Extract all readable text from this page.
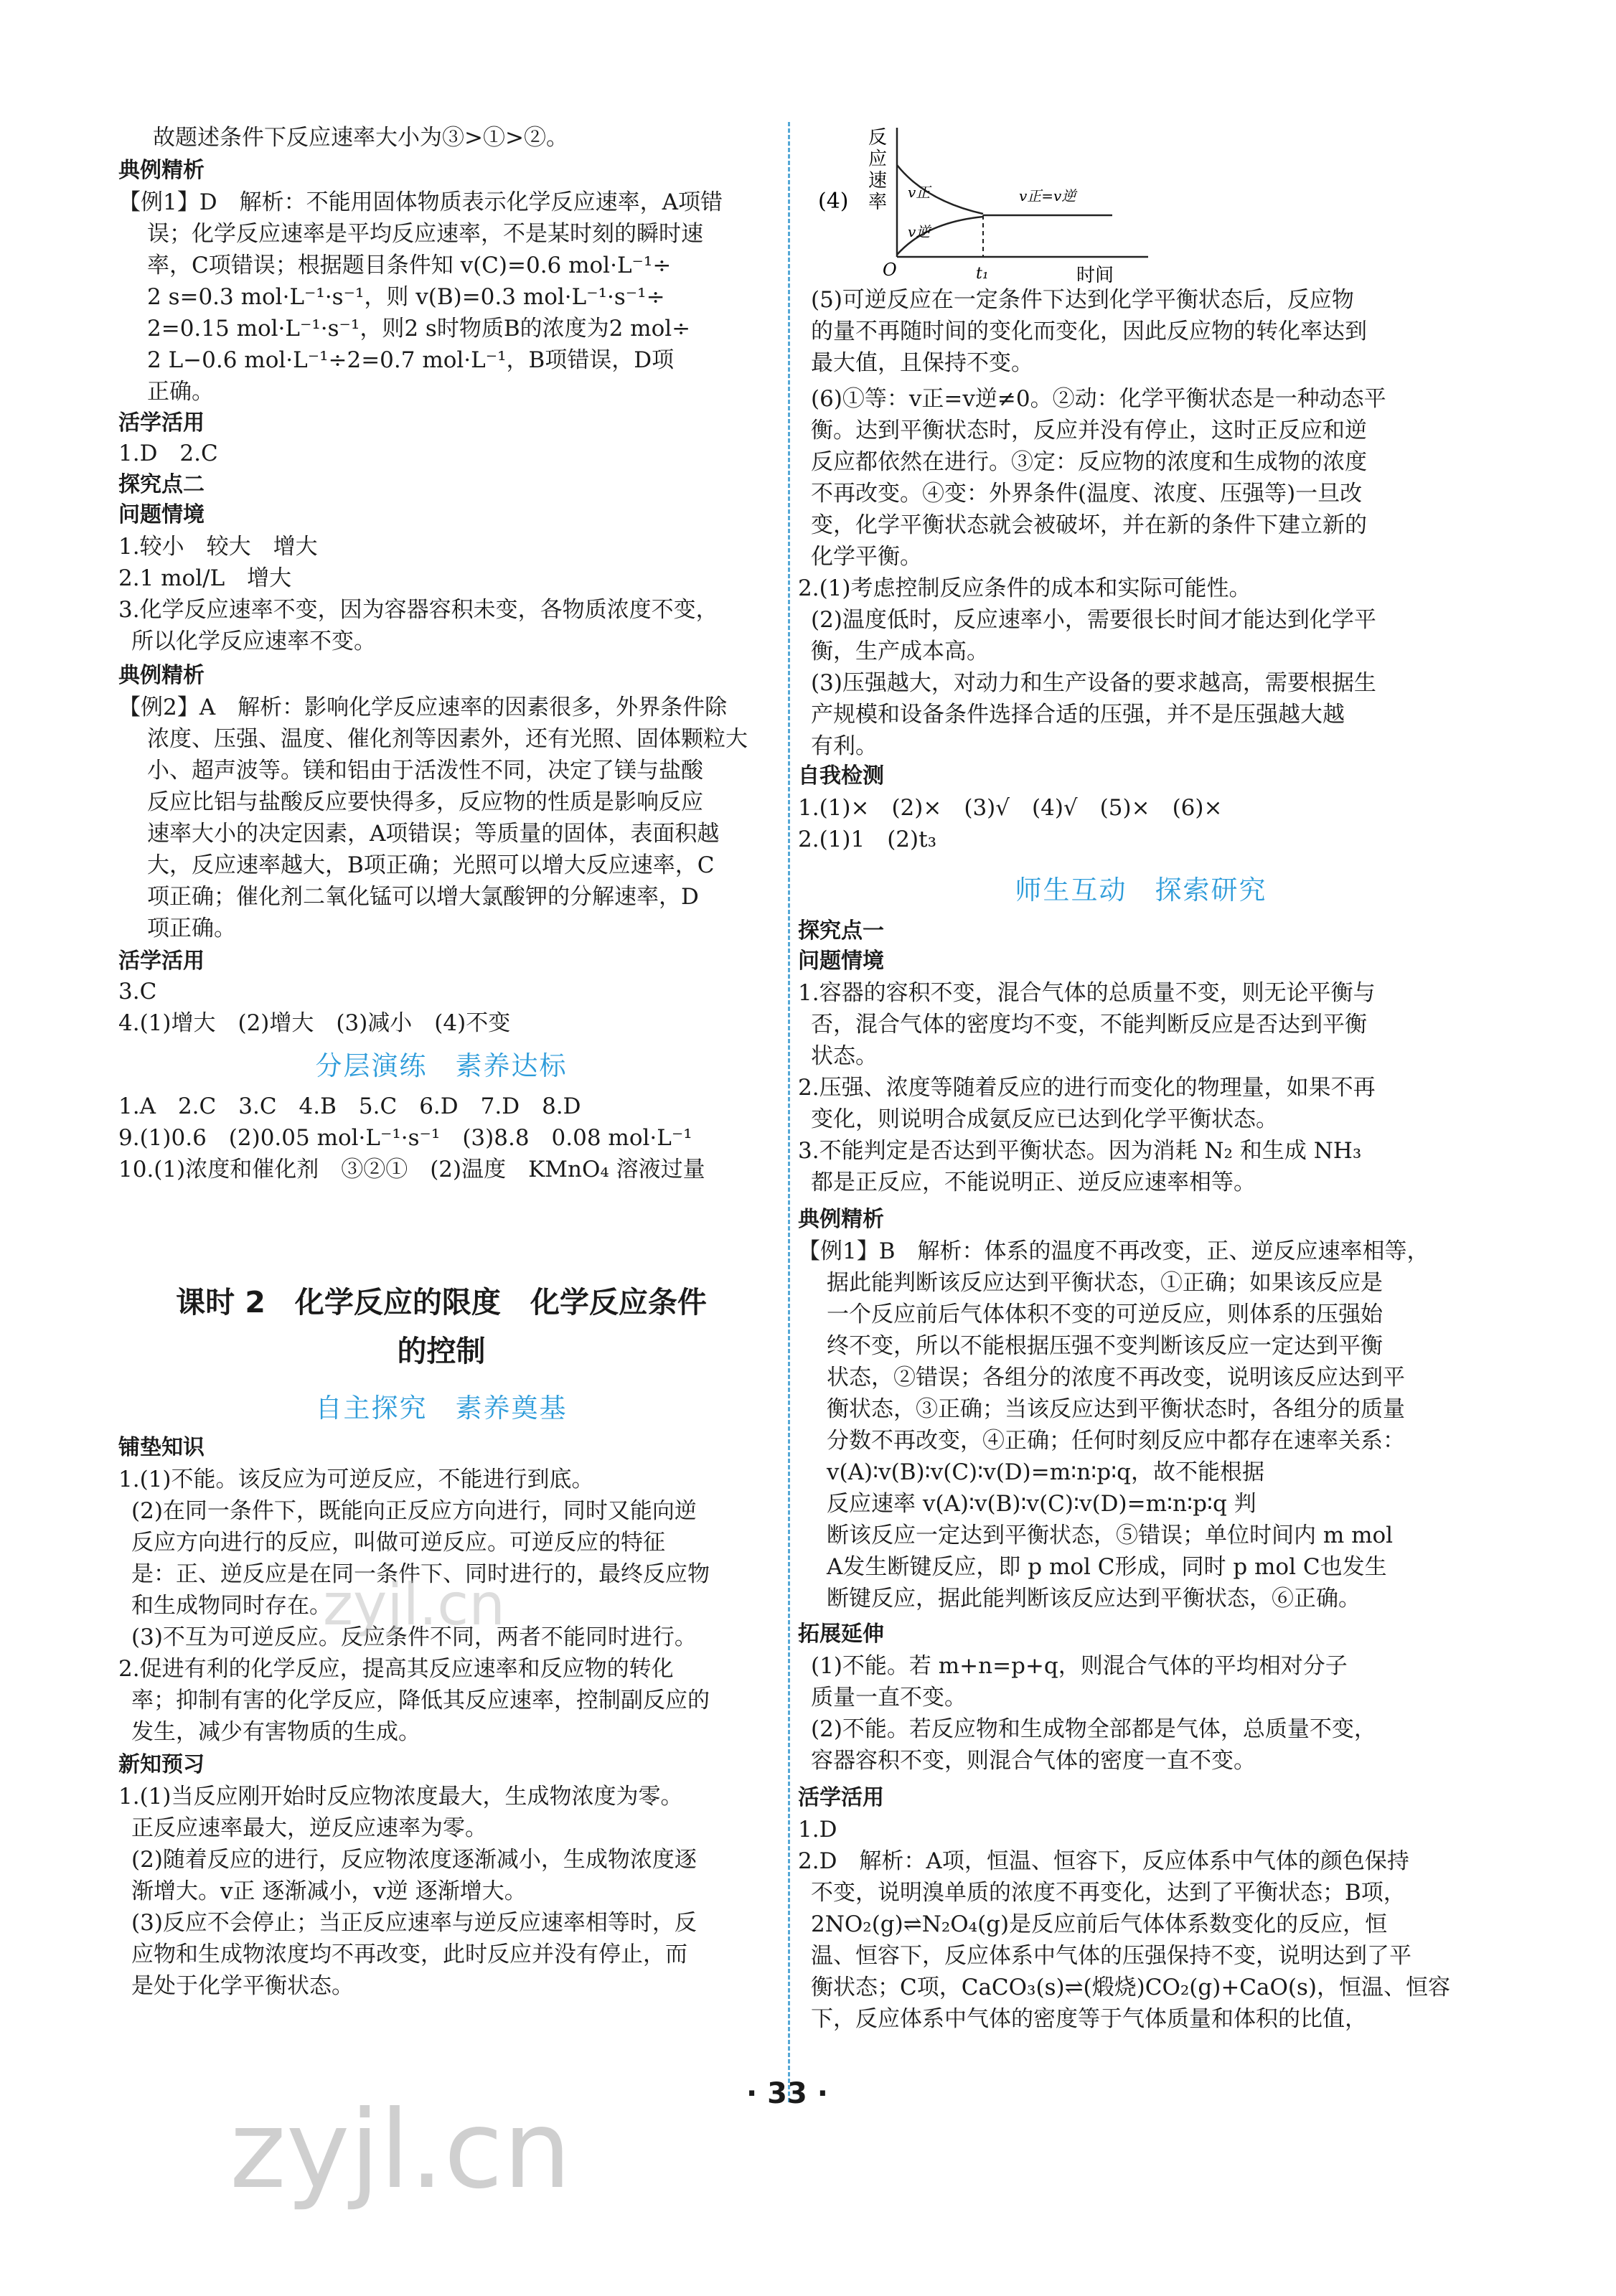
故题述条件下反应速率大小为③>①>②。
典例精析
【例1】D　解析：不能用固体物质表示化学反应速率，A项错
误；化学反应速率是平均反应速率，不是某时刻的瞬时速
率，C项错误；根据题目条件知 v(C)=0.6 mol·L⁻¹÷
2 s=0.3 mol·L⁻¹·s⁻¹，则 v(B)=0.3 mol·L⁻¹·s⁻¹÷
2=0.15 mol·L⁻¹·s⁻¹，则2 s时物质B的浓度为2 mol÷
2 L−0.6 mol·L⁻¹÷2=0.7 mol·L⁻¹，B项错误，D项
正确。
活学活用
1.D　2.C
探究点二
问题情境
1.较小　较大　增大
2.1 mol/L　增大
3.化学反应速率不变，因为容器容积未变，各物质浓度不变，
所以化学反应速率不变。
典例精析
【例2】A　解析：影响化学反应速率的因素很多，外界条件除
浓度、压强、温度、催化剂等因素外，还有光照、固体颗粒大
小、超声波等。镁和铝由于活泼性不同，决定了镁与盐酸
反应比铝与盐酸反应要快得多，反应物的性质是影响反应
速率大小的决定因素，A项错误；等质量的固体，表面积越
大，反应速率越大，B项正确；光照可以增大反应速率，C
项正确；催化剂二氧化锰可以增大氯酸钾的分解速率，D
项正确。
活学活用
3.C
4.(1)增大　(2)增大　(3)减小　(4)不变
分层演练　素养达标
1.A　2.C　3.C　4.B　5.C　6.D　7.D　8.D
9.(1)0.6　(2)0.05 mol·L⁻¹·s⁻¹　(3)8.8　0.08 mol·L⁻¹
10.(1)浓度和催化剂　③②①　(2)温度　KMnO₄ 溶液过量
课时 2　化学反应的限度　化学反应条件
的控制
自主探究　素养奠基
铺垫知识
1.(1)不能。该反应为可逆反应，不能进行到底。
(2)在同一条件下，既能向正反应方向进行，同时又能向逆
反应方向进行的反应，叫做可逆反应。可逆反应的特征
是：正、逆反应是在同一条件下、同时进行的，最终反应物
和生成物同时存在。
(3)不互为可逆反应。反应条件不同，两者不能同时进行。
2.促进有利的化学反应，提高其反应速率和反应物的转化
率；抑制有害的化学反应，降低其反应速率，控制副反应的
发生，减少有害物质的生成。
新知预习
1.(1)当反应刚开始时反应物浓度最大，生成物浓度为零。
正反应速率最大，逆反应速率为零。
(2)随着反应的进行，反应物浓度逐渐减小，生成物浓度逐
渐增大。v正 逐渐减小，v逆 逐渐增大。
(3)反应不会停止；当正反应速率与逆反应速率相等时，反
应物和生成物浓度均不再改变，此时反应并没有停止，而
是处于化学平衡状态。
(4)
反
应
速
率 v正
v逆
v正=v逆
O	t₁	时间
(5)可逆反应在一定条件下达到化学平衡状态后，反应物
的量不再随时间的变化而变化，因此反应物的转化率达到
最大值，且保持不变。
(6)①等：v正=v逆≠0。②动：化学平衡状态是一种动态平
衡。达到平衡状态时，反应并没有停止，这时正反应和逆
反应都依然在进行。③定：反应物的浓度和生成物的浓度
不再改变。④变：外界条件(温度、浓度、压强等)一旦改
变，化学平衡状态就会被破坏，并在新的条件下建立新的
化学平衡。
2.(1)考虑控制反应条件的成本和实际可能性。
(2)温度低时，反应速率小，需要很长时间才能达到化学平
衡，生产成本高。
(3)压强越大，对动力和生产设备的要求越高，需要根据生
产规模和设备条件选择合适的压强，并不是压强越大越
有利。
自我检测
1.(1)×　(2)×　(3)√　(4)√　(5)×　(6)×
2.(1)1　(2)t₃
师生互动　探索研究
探究点一
问题情境
1.容器的容积不变，混合气体的总质量不变，则无论平衡与
否，混合气体的密度均不变，不能判断反应是否达到平衡
状态。
2.压强、浓度等随着反应的进行而变化的物理量，如果不再
变化，则说明合成氨反应已达到化学平衡状态。
3.不能判定是否达到平衡状态。因为消耗 N₂ 和生成 NH₃
都是正反应，不能说明正、逆反应速率相等。
典例精析
【例1】B　解析：体系的温度不再改变，正、逆反应速率相等，
据此能判断该反应达到平衡状态，①正确；如果该反应是
一个反应前后气体体积不变的可逆反应，则体系的压强始
终不变，所以不能根据压强不变判断该反应一定达到平衡
状态，②错误；各组分的浓度不再改变，说明该反应达到平
衡状态，③正确；当该反应达到平衡状态时，各组分的质量
分数不再改变，④正确；任何时刻反应中都存在速率关系：
v(A)∶v(B)∶v(C)∶v(D)=m∶n∶p∶q，故不能根据
反应速率 v(A)∶v(B)∶v(C)∶v(D)=m∶n∶p∶q 判
断该反应一定达到平衡状态，⑤错误；单位时间内 m mol
A发生断键反应，即 p mol C形成，同时 p mol C也发生
断键反应，据此能判断该反应达到平衡状态，⑥正确。
拓展延伸
(1)不能。若 m+n=p+q，则混合气体的平均相对分子
质量一直不变。
(2)不能。若反应物和生成物全部都是气体，总质量不变，
容器容积不变，则混合气体的密度一直不变。
活学活用
1.D
2.D　解析：A项，恒温、恒容下，反应体系中气体的颜色保持
不变，说明溴单质的浓度不再变化，达到了平衡状态；B项，
2NO₂(g)⇌N₂O₄(g)是反应前后气体体系数变化的反应，恒
温、恒容下，反应体系中气体的压强保持不变，说明达到了平
衡状态；C项，CaCO₃(s)⇌(煅烧)CO₂(g)+CaO(s)，恒温、恒容
下，反应体系中气体的密度等于气体质量和体积的比值，
zyjl.cn
zyjl.cn	· 33 ·
